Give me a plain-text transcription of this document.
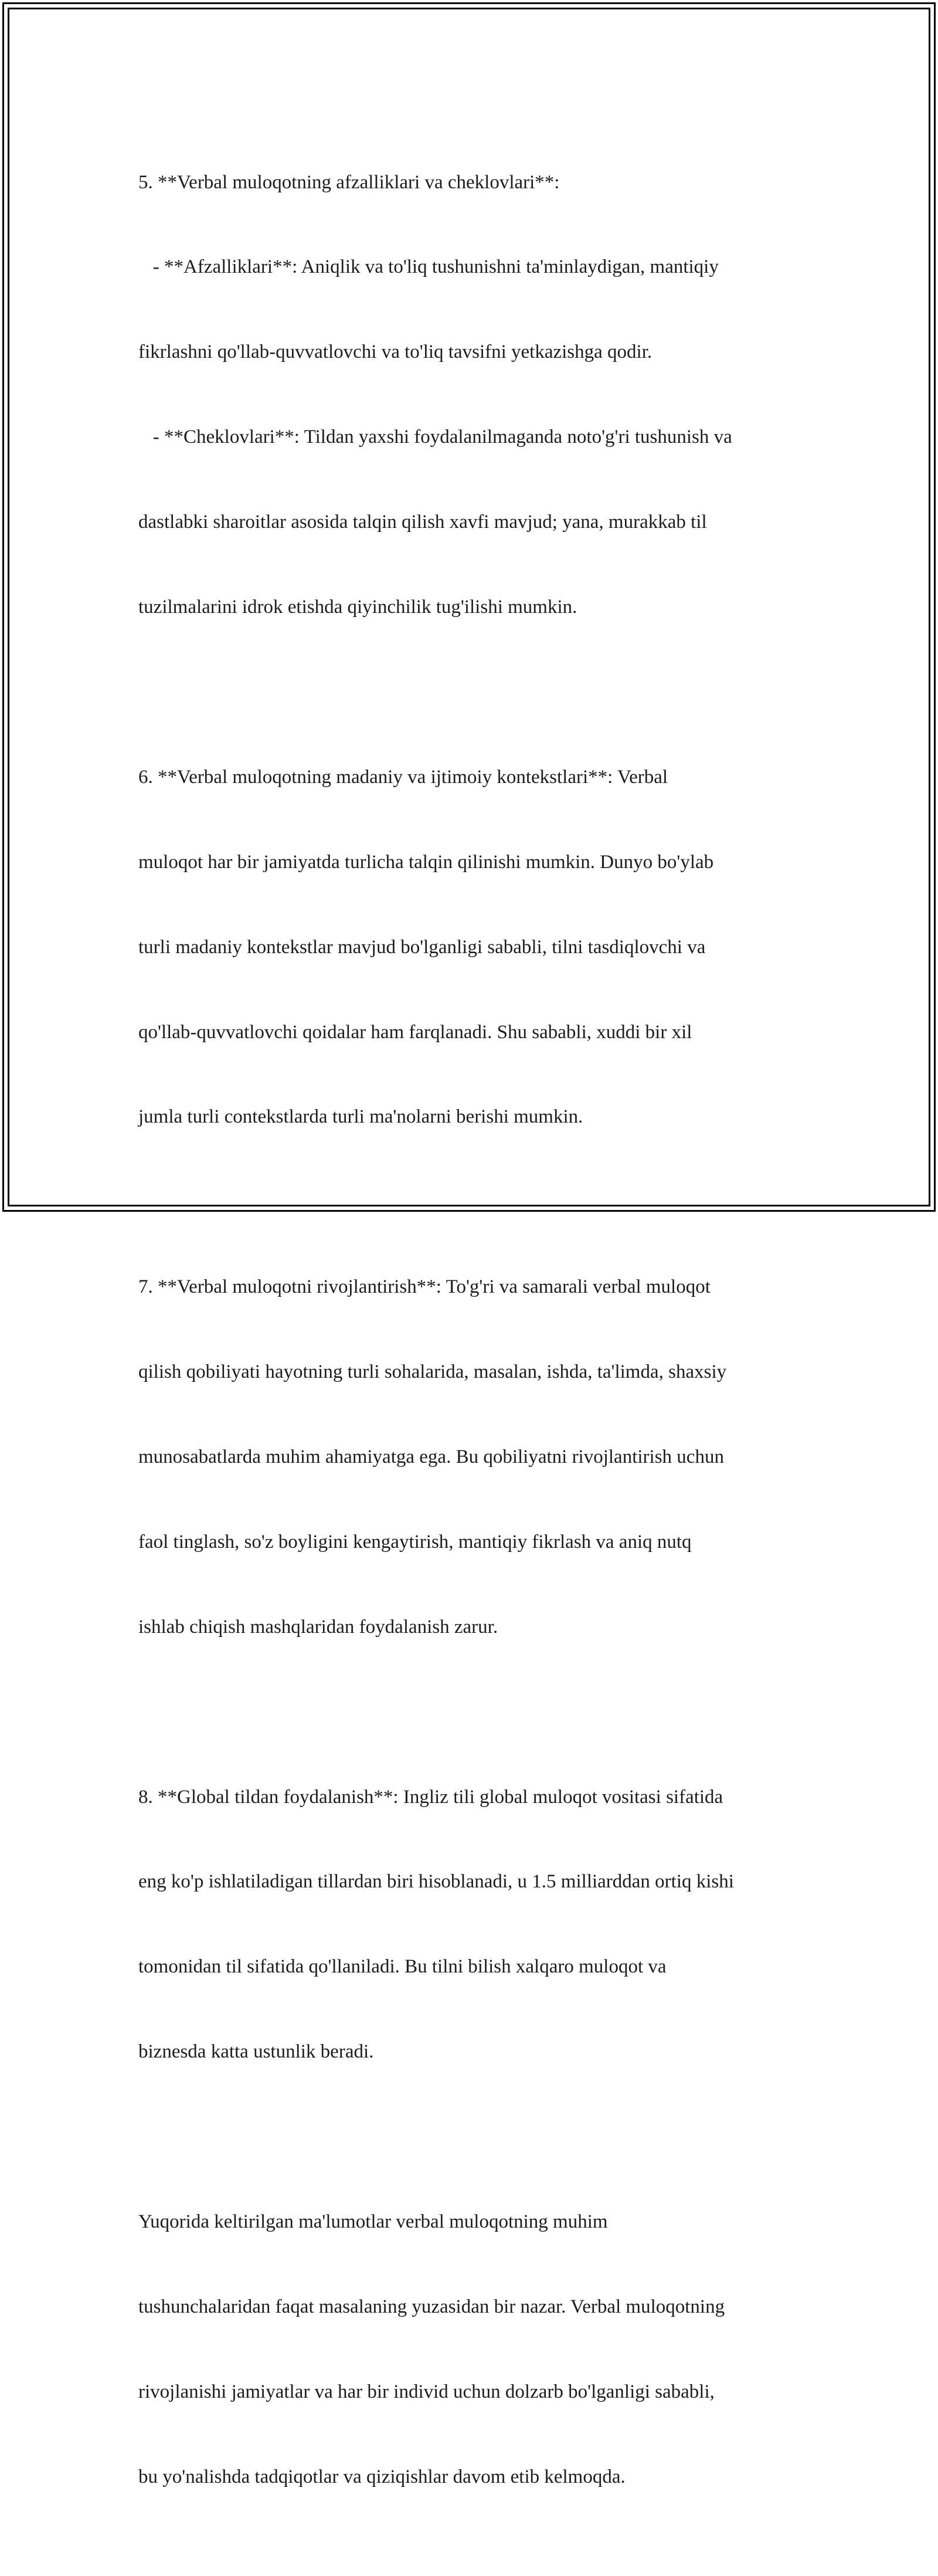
5. **Verbal muloqotning afzalliklari va cheklovlari**:

- **Afzalliklari**: Aniqlik va to'liq tushunishni ta'minlaydigan, mantiqiy

fikrlashni qo'llab-quvvatlovchi va to'liq tavsifni yetkazishga qodir.

- **Cheklovlari**: Tildan yaxshi foydalanilmaganda noto'g'ri tushunish va

dastlabki sharoitlar asosida talqin qilish xavfi mavjud; yana, murakkab til

tuzilmalarini idrok etishda qiyinchilik tug'ilishi mumkin.

6. **Verbal muloqotning madaniy va ijtimoiy kontekstlari**: Verbal

muloqot har bir jamiyatda turlicha talqin qilinishi mumkin. Dunyo bo'ylab

turli madaniy kontekstlar mavjud bo'lganligi sababli, tilni tasdiqlovchi va

qo'llab-quvvatlovchi qoidalar ham farqlanadi. Shu sababli, xuddi bir xil

jumla turli contekstlarda turli ma'nolarni berishi mumkin.

7. **Verbal muloqotni rivojlantirish**: To'g'ri va samarali verbal muloqot

qilish qobiliyati hayotning turli sohalarida, masalan, ishda, ta'limda, shaxsiy

munosabatlarda muhim ahamiyatga ega. Bu qobiliyatni rivojlantirish uchun

faol tinglash, so'z boyligini kengaytirish, mantiqiy fikrlash va aniq nutq

ishlab chiqish mashqlaridan foydalanish zarur.

8. **Global tildan foydalanish**: Ingliz tili global muloqot vositasi sifatida

eng ko'p ishlatiladigan tillardan biri hisoblanadi, u 1.5 milliarddan ortiq kishi

tomonidan til sifatida qo'llaniladi. Bu tilni bilish xalqaro muloqot va

biznesda katta ustunlik beradi.

Yuqorida keltirilgan ma'lumotlar verbal muloqotning muhim

tushunchalaridan faqat masalaning yuzasidan bir nazar. Verbal muloqotning

rivojlanishi jamiyatlar va har bir individ uchun dolzarb bo'lganligi sababli,

bu yo'nalishda tadqiqotlar va qiziqishlar davom etib kelmoqda.
